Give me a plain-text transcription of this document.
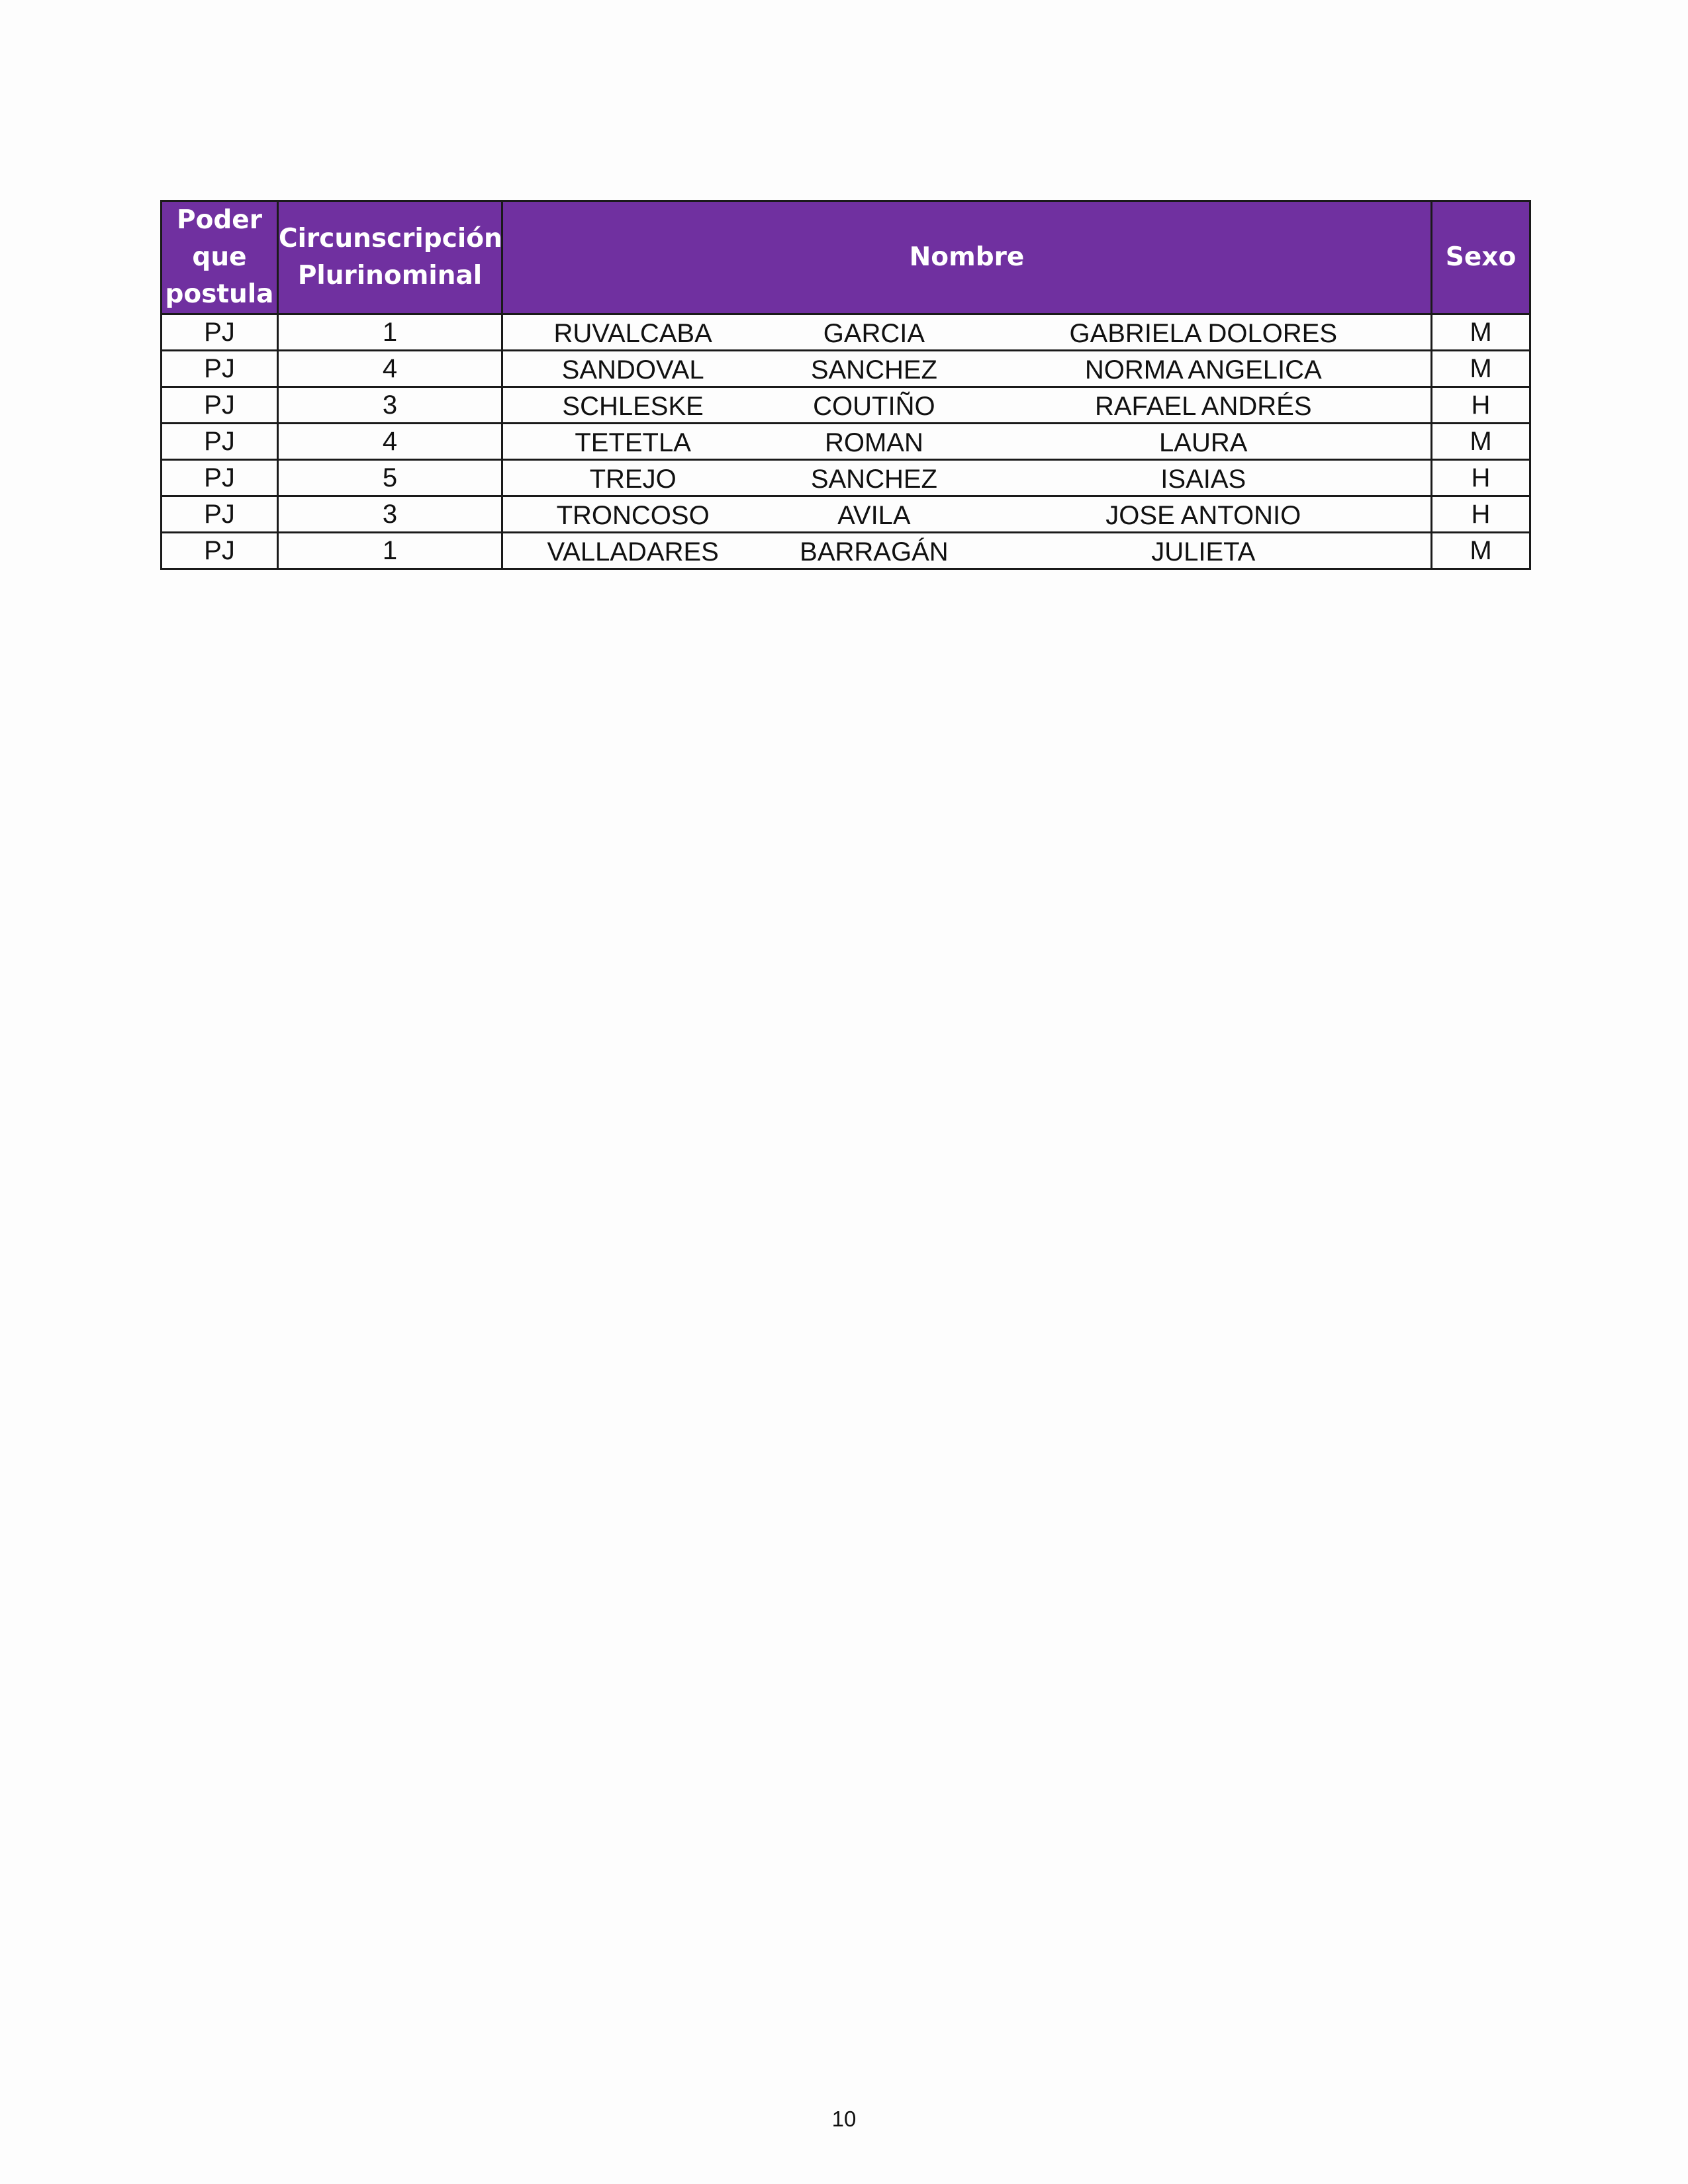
Poder que postula	Circunscripción Plurinominal	Nombre	Sexo
PJ	1	RUVALCABA GARCIA GABRIELA DOLORES	M
PJ	4	SANDOVAL SANCHEZ NORMA ANGELICA	M
PJ	3	SCHLESKE COUTIÑO RAFAEL ANDRÉS	H
PJ	4	TETETLA ROMAN LAURA	M
PJ	5	TREJO SANCHEZ ISAIAS	H
PJ	3	TRONCOSO AVILA JOSE ANTONIO	H
PJ	1	VALLADARES BARRAGÁN JULIETA	M
10
